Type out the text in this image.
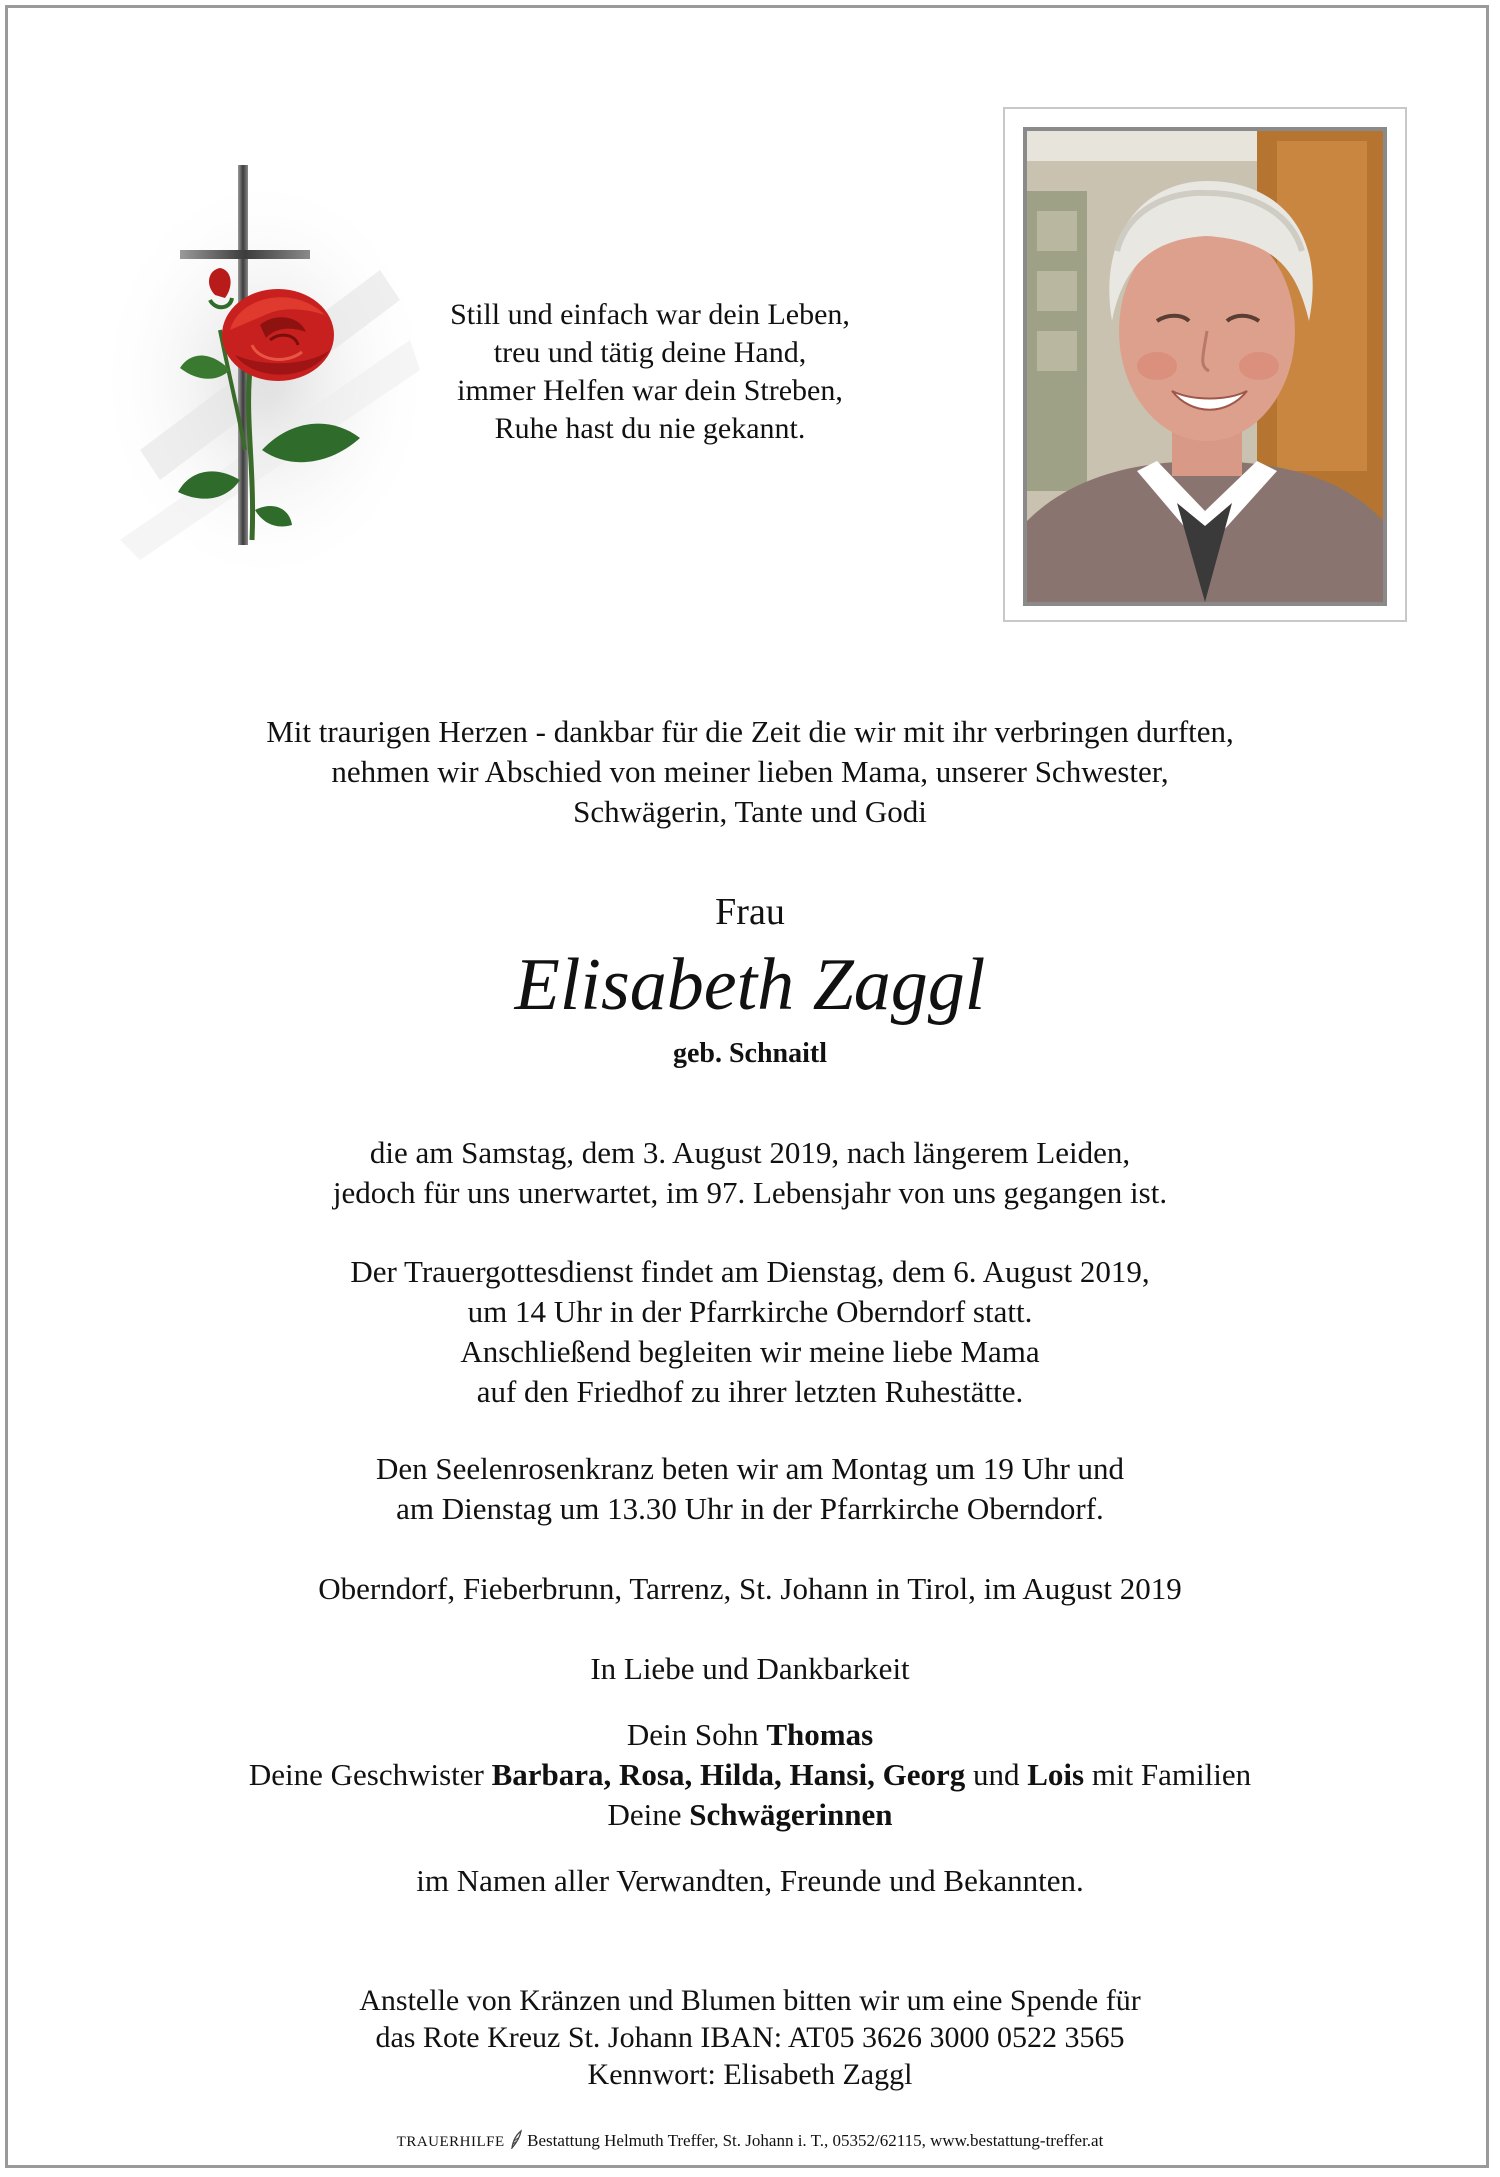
Still und einfach war dein Leben,
treu und tätig deine Hand,
immer Helfen war dein Streben,
Ruhe hast du nie gekannt.
Mit traurigen Herzen - dankbar für die Zeit die wir mit ihr verbringen durften,
nehmen wir Abschied von meiner lieben Mama, unserer Schwester,
Schwägerin, Tante und Godi
Frau
Elisabeth Zaggl
geb. Schnaitl
die am Samstag, dem 3. August 2019, nach längerem Leiden,
jedoch für uns unerwartet, im 97. Lebensjahr von uns gegangen ist.
Der Trauergottesdienst findet am Dienstag, dem 6. August 2019,
um 14 Uhr in der Pfarrkirche Oberndorf statt.
Anschließend begleiten wir meine liebe Mama
auf den Friedhof zu ihrer letzten Ruhestätte.
Den Seelenrosenkranz beten wir am Montag um 19 Uhr und
am Dienstag um 13.30 Uhr in der Pfarrkirche Oberndorf.
Oberndorf, Fieberbrunn, Tarrenz, St. Johann in Tirol, im August 2019
In Liebe und Dankbarkeit
Dein Sohn Thomas
Deine Geschwister Barbara, Rosa, Hilda, Hansi, Georg und Lois mit Familien
Deine Schwägerinnen
im Namen aller Verwandten, Freunde und Bekannten.
Anstelle von Kränzen und Blumen bitten wir um eine Spende für
das Rote Kreuz St. Johann IBAN: AT05 3626 3000 0522 3565
Kennwort: Elisabeth Zaggl
TRAUERHILFE Bestattung Helmuth Treffer, St. Johann i. T., 05352/62115, www.bestattung-treffer.at
